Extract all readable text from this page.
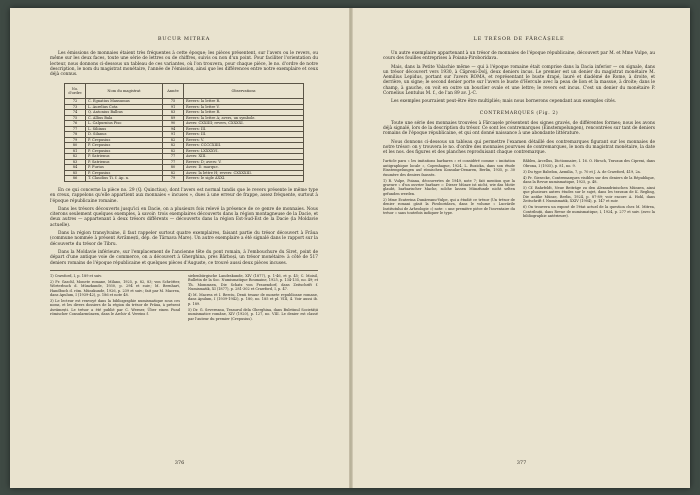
BUCUR MITREA

Les émissions de monnaies étaient très fréquentes à cette époque; les pièces présentent, sur l'avers ou le revers, ou même sur les deux faces, toute une série de lettres ou de chiffres, suivis ou non d'un point. Pour faciliter l'orientation du lecteur, nous donnons ci-dessous un tableau de ces variantes, où l'on trouvera, pour chaque pièce, le no. d'ordre de notre description, le nom du magistrat monétaire, l'année de l'émission, ainsi que les différences entre notre exemplaire et ceux déjà connus.

No. d'ordre	Nom du magistrat	Année	Observations
72	C. Egnatius Maxsumus	75	Revers: la lettre R.
73	L. Aurelius Cota	91	Revers: la lettre V.
74	Q. Antonius Balbus	83	Revers: la lettre R.
75	C. Allius Bala	89	Revers: la lettre A; avers, un symbole.
76	L. Calpurnius Piso	90	Avers: CXXIIII; revers, CXXXXI.
77	L. Siliinus	94	Revers: III.
78	D. Silanus	91	Revers: III.
79	P. Crepusius	82	Revers: V.
80	P. Crepusius	82	Revers: CCCCXIIII.
81	P. Crepusius	82	Revers: LXXXXVI.
82	P. Satrienus	77	Avers: XIII.
83	P. Satrienus	77	Revers: D; avers: V.
84	P. Furius	80	Avers: D. marque.
85	P. Crepusius	82	Avers: la lettre H; revers: CXXXXIII.
86	T. Claudius Ti. f. Ap. n.	79	Revers: le sigle AXXI.

En ce qui concerne la pièce no. 29 (Q. Quinctius), dont l'avers est normal tandis que le revers présente le même type en creux, rappelons qu'elle appartient aux monnaies « incuses », dues à une erreur de frappe, assez fréquente, surtout à l'époque républicaine romaine.

Dans les trésors découverts jusqu'ici en Dacie, on a plusieurs fois relevé la présence de ce genre de monnaies. Nous citerons seulement quelques exemples, à savoir: trois exemplaires découverts dans la région montagneuse de la Dacie, et deux autres — appartenant à deux trésors différents — découverts dans la région Est-Sud-Est de la Dacie (la Moldavie actuelle).

Dans la région transylvaine, il faut rappeler surtout quatre exemplaires, faisant partie du trésor découvert à Frâua (commune nommée à présent Avrămești, dép. de Târnava Mare). Un autre exemplaire a été signalé dans le rapport sur la découverte du trésor de Tibru.

Dans la Moldavie inférieure, sur l'emplacement de l'ancienne tête du pont romain, à l'embouchure du Siret, point de départ d'une antique voie de commerce, on a découvert à Gherghina, près Bărboși, un trésor monétaire: à côté de 517 deniers romains de l'époque républicaine et quelques pièces d'Auguste, ce trouvé aussi deux pièces incuses.

1) Crawford, I, p. 189 et suiv.

2) Fr. Gaschl, Monete romane, Milano, 1925, p. 82, 83; von Schrötter, Wörterbuch d. Münzkunde, 1930, p. 294 et suiv.; M. Bernhart, Handbuch d. röm. Münzkunde, 1926, p. 239 et suiv.; fait par M. Macrea, dans Apulum, I (1939-42), p. 186 et note 48.

3) Le lecteur est renvoyé dans la bibliographie numismatique sous ces noms, et les divers dossiers de la région du trésor de Frâua, à présent Avrămești. Le trésor a été publié par C. Werner, Über einen Fund römischer Consularmünzen, dans le Archiv d. Vereins f.

siebenbürgische Landeskunde, XIV (1877), p. 1-46, et p. 45; C. Moisil, Bulletin de la Soc. Numismatique Roumaine, 1925, p. 134-135, no. 49; et Th. Mommsen, Die Schatz von Frauendorf, dans Zeitschrift f. Numismatik, XI (1877), p. 281-302 et Crawford, I, p. 47.

4) M. Macrea et I. Berciu, Denii tesaur de monete republicane romane, dans Apulum, I (1939-1942), p. 180, no. 185 et pl. VIII, 4. Voir aussi ib. p. 189.

5) Dr. G. Severeanu, Tesaurul dela Gherghina, dans Buletinul Societății numismatice române, XIV (1920), p. 127, no. VIII. Le denier est classé par l'auteur du premier (Crepusius).

376
LE TRÉSOR DE FĂRCĂȘELE

Un autre exemplaire appartenant à un trésor de monnaies de l'époque républicaine, découvert par M. et Mme Vulpe, au cours des fouilles entreprises à Poiana-Piroboridava.

Mais, dans la Petite Valachie même — qui à l'époque romaine était comprise dans la Dacia inferior — on signale, dans un trésor découvert vers 1930, à Căpreni-Dolj, deux deniers incus. Le premier est un denier du magistrat monétaire M. Aemilius Lepidus, portant sur l'avers ROMA, et représentant le buste drapé, lauré et diadémé de Rome, à droite, et derrière, un signe; le second denier porte sur l'avers le buste d'Hercule avec la peau de lion et la massue, à droite; dans le champ, à gauche, on voit en outre un bouclier ovale et une lettre; le revers est incus. C'est un denier du monétaire P. Cornelius Lentulus M. f., de l'an 89 av. J.-C.

Les exemples pourraient peut-être être multipliés; mais nous bornerons cependant aux exemples cités.

CONTREMARQUES (Fig. 2)

Toute une série des monnaies trouvées à Fărcașele présentent des signes gravés, de différentes formes; nous les avons déjà signalé, lors de la description du trésor. Ce sont les contremarques (Einstempelungen), rencontrées sur tant de deniers romains de l'époque républicaine, et qui ont donné naissance à une abondante littérature.

Nous donnons ci-dessous un tableau qui permettre l'examen détaillé des contremarques figurant sur les monnaies de notre trésor: on y trouvera le no. d'ordre des monnaies pourvues de contremarques, le nom du magistrat monétaire, la date et les nos. des figures et des planches reproduisant chaque contremarque.

l'article paru « les imitations barbares » et considéré comme « imitation antigraphique locale », Copenhague, 1924. L. Ruzicka, dans son étude Einstempelungen auf römischen Konsular-Denaren, Berlin, 1935, p. 30 énumère des deniers faussés.

1) R. Vulpe, Poiana, découvertes de 1949, note 7; fait mention que la gravure « d'un ouvrier barbare »: Dieser Münze ist nicht, wie das Motiv glaubt, barbarischer Mache, solche lassen Münzfunde nicht selten gefunden werden.

2) Mme Ecaterina Dunăreanu-Vulpe, qui a étudié ce trésor (Un trésor de denier romani găsit la Piroboridava, dans le volume « Lucrările Institutului de Arheologie ») note: « une première pièce de l'inventaire du trésor » sans toutefois indiquer le type.

Bâbleu, Arcellus, Dictionnaire, I. 16. O. Hirsch, Travaux des Cipreni, dans Obrona, I (1935), p. 81, no. 9.

3) Du type Babelon, Aemilia, 7, p. 70 et J. A. de Crawford, 419, 2a.

4) Fr. Giesecke, Contremarques visibles sur des deniers de la République, dans la Revue numismatique, 1925, p. 48.

5) Cf. Bahrfeldt, Neue Beiträge zu den Alexandrinischen Münzen, ainsi que plusieurs autres études sur le sujet, dans les travaux de K. Regling, Die antike Münze, Berlin, 1924, p. 87-89; voir encore A. Hohl, dans Zeitschrift f. Numismatik, XXIV (1904), p. 147 et suiv.

6) On trouvera un exposé de l'état actuel de la question chez M. Mitrea, Contribuții, dans Revue de numismatique, I, 1924, p. 277 et suiv. (avec la bibliographie antérieure).

377
